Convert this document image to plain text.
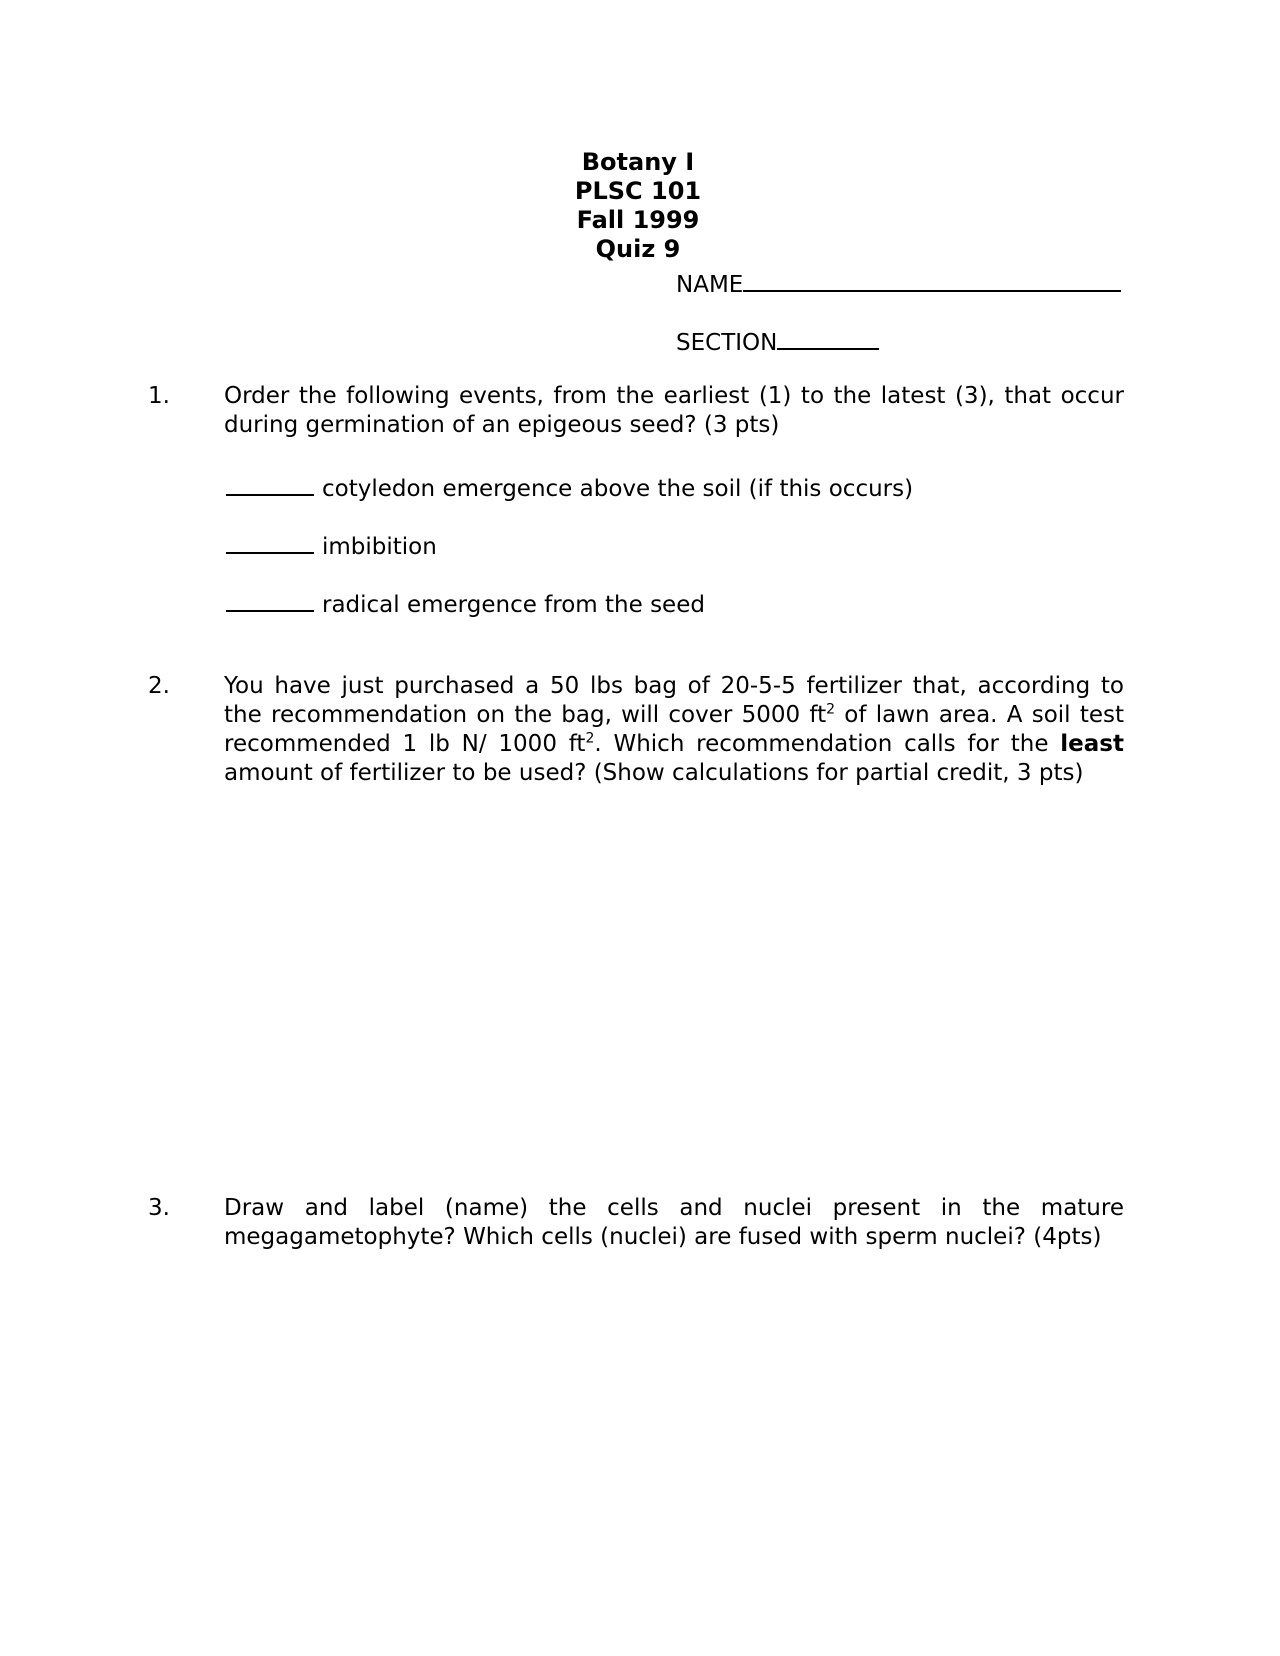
Botany I
PLSC 101
Fall 1999
Quiz 9
NAME
SECTION
1.	Order the following events, from the earliest (1) to the latest (3), that occur during germination of an epigeous seed? (3 pts)
cotyledon emergence above the soil (if this occurs)
imbibition
radical emergence from the seed
2.	You have just purchased a 50 lbs bag of 20-5-5 fertilizer that, according to the recommendation on the bag, will cover 5000 $ft^2$ of lawn area. A soil test recommended 1 lb N/ 1000 $ft^2$. Which recommendation calls for the least amount of fertilizer to be used? (Show calculations for partial credit, 3 pts)
3.	Draw and label (name) the cells and nuclei present in the mature megagametophyte? Which cells (nuclei) are fused with sperm nuclei? (4pts)
